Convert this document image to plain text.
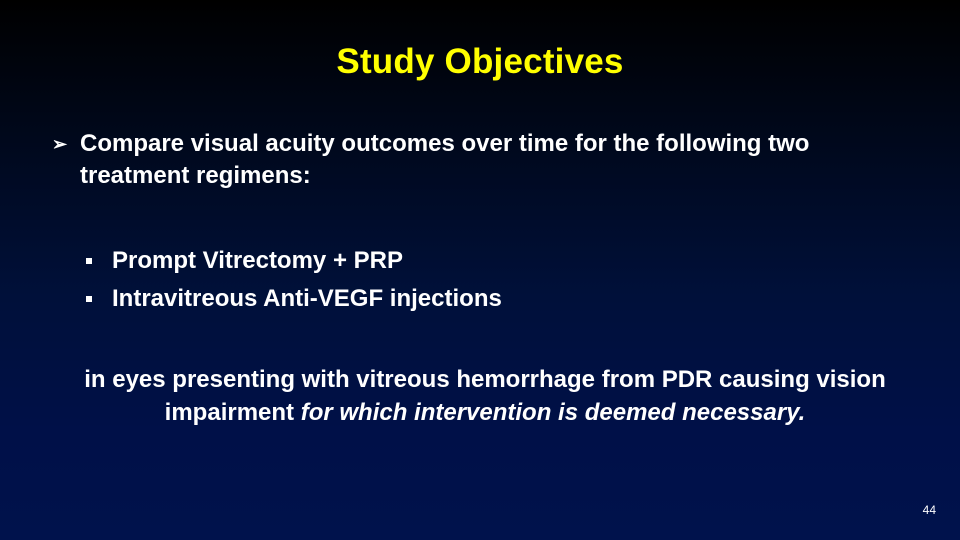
Study Objectives
➢ Compare visual acuity outcomes over time for the following two treatment regimens:
Prompt Vitrectomy + PRP
Intravitreous Anti-VEGF injections
in eyes presenting with vitreous hemorrhage from PDR causing vision impairment for which intervention is deemed necessary.
44
